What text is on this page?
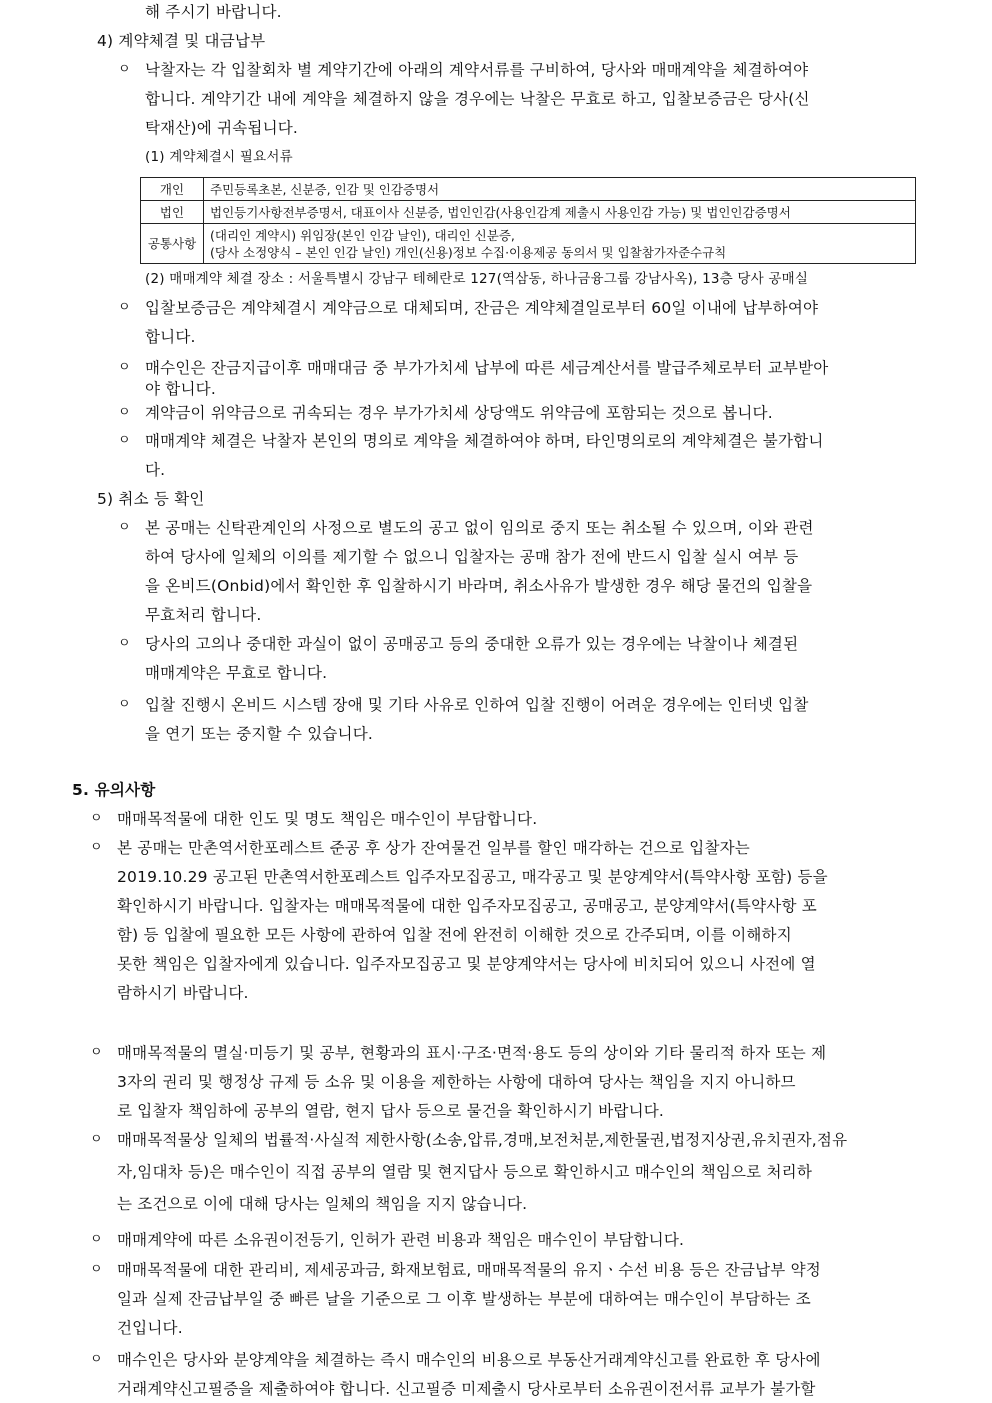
해 주시기 바랍니다.
4) 계약체결 및 대금납부
ㅇ 낙찰자는 각 입찰회차 별 계약기간에 아래의 계약서류를 구비하여, 당사와 매매계약을 체결하여야
합니다. 계약기간 내에 계약을 체결하지 않을 경우에는 낙찰은 무효로 하고, 입찰보증금은 당사(신
탁재산)에 귀속됩니다.
(1) 계약체결시 필요서류
개인	주민등록초본, 신분증, 인감 및 인감증명서
법인	법인등기사항전부증명서, 대표이사 신분증, 법인인감(사용인감계 제출시 사용인감 가능) 및 법인인감증명서
공통사항	(대리인 계약시) 위임장(본인 인감 날인), 대리인 신분증,
(당사 소정양식 – 본인 인감 날인) 개인(신용)정보 수집·이용제공 동의서 및 입찰참가자준수규칙
(2) 매매계약 체결 장소 : 서울특별시 강남구 테헤란로 127(역삼동, 하나금융그룹 강남사옥), 13층 당사 공매실
ㅇ 입찰보증금은 계약체결시 계약금으로 대체되며, 잔금은 계약체결일로부터 60일 이내에 납부하여야
합니다.
ㅇ 매수인은 잔금지급이후 매매대금 중 부가가치세 납부에 따른 세금계산서를 발급주체로부터 교부받아
야 합니다.
ㅇ 계약금이 위약금으로 귀속되는 경우 부가가치세 상당액도 위약금에 포함되는 것으로 봅니다.
ㅇ 매매계약 체결은 낙찰자 본인의 명의로 계약을 체결하여야 하며, 타인명의로의 계약체결은 불가합니
다.
5) 취소 등 확인
ㅇ 본 공매는 신탁관계인의 사정으로 별도의 공고 없이 임의로 중지 또는 취소될 수 있으며, 이와 관련
하여 당사에 일체의 이의를 제기할 수 없으니 입찰자는 공매 참가 전에 반드시 입찰 실시 여부 등
을 온비드(Onbid)에서 확인한 후 입찰하시기 바라며, 취소사유가 발생한 경우 해당 물건의 입찰을
무효처리 합니다.
ㅇ 당사의 고의나 중대한 과실이 없이 공매공고 등의 중대한 오류가 있는 경우에는 낙찰이나 체결된
매매계약은 무효로 합니다.
ㅇ 입찰 진행시 온비드 시스템 장애 및 기타 사유로 인하여 입찰 진행이 어려운 경우에는 인터넷 입찰
을 연기 또는 중지할 수 있습니다.
5. 유의사항
ㅇ 매매목적물에 대한 인도 및 명도 책임은 매수인이 부담합니다.
ㅇ 본 공매는 만촌역서한포레스트 준공 후 상가 잔여물건 일부를 할인 매각하는 건으로 입찰자는
2019.10.29 공고된 만촌역서한포레스트 입주자모집공고, 매각공고 및 분양계약서(특약사항 포함) 등을
확인하시기 바랍니다. 입찰자는 매매목적물에 대한 입주자모집공고, 공매공고, 분양계약서(특약사항 포
함) 등 입찰에 필요한 모든 사항에 관하여 입찰 전에 완전히 이해한 것으로 간주되며, 이를 이해하지
못한 책임은 입찰자에게 있습니다. 입주자모집공고 및 분양계약서는 당사에 비치되어 있으니 사전에 열
람하시기 바랍니다.
ㅇ 매매목적물의 멸실·미등기 및 공부, 현황과의 표시·구조·면적·용도 등의 상이와 기타 물리적 하자 또는 제
3자의 권리 및 행정상 규제 등 소유 및 이용을 제한하는 사항에 대하여 당사는 책임을 지지 아니하므
로 입찰자 책임하에 공부의 열람, 현지 답사 등으로 물건을 확인하시기 바랍니다.
ㅇ 매매목적물상 일체의 법률적·사실적 제한사항(소송,압류,경매,보전처분,제한물권,법정지상권,유치권자,점유
자,임대차 등)은 매수인이 직접 공부의 열람 및 현지답사 등으로 확인하시고 매수인의 책임으로 처리하
는 조건으로 이에 대해 당사는 일체의 책임을 지지 않습니다.
ㅇ 매매계약에 따른 소유권이전등기, 인허가 관련 비용과 책임은 매수인이 부담합니다.
ㅇ 매매목적물에 대한 관리비, 제세공과금, 화재보험료, 매매목적물의 유지ㆍ수선 비용 등은 잔금납부 약정
일과 실제 잔금납부일 중 빠른 날을 기준으로 그 이후 발생하는 부분에 대하여는 매수인이 부담하는 조
건입니다.
ㅇ 매수인은 당사와 분양계약을 체결하는 즉시 매수인의 비용으로 부동산거래계약신고를 완료한 후 당사에
거래계약신고필증을 제출하여야 합니다. 신고필증 미제출시 당사로부터 소유권이전서류 교부가 불가할
